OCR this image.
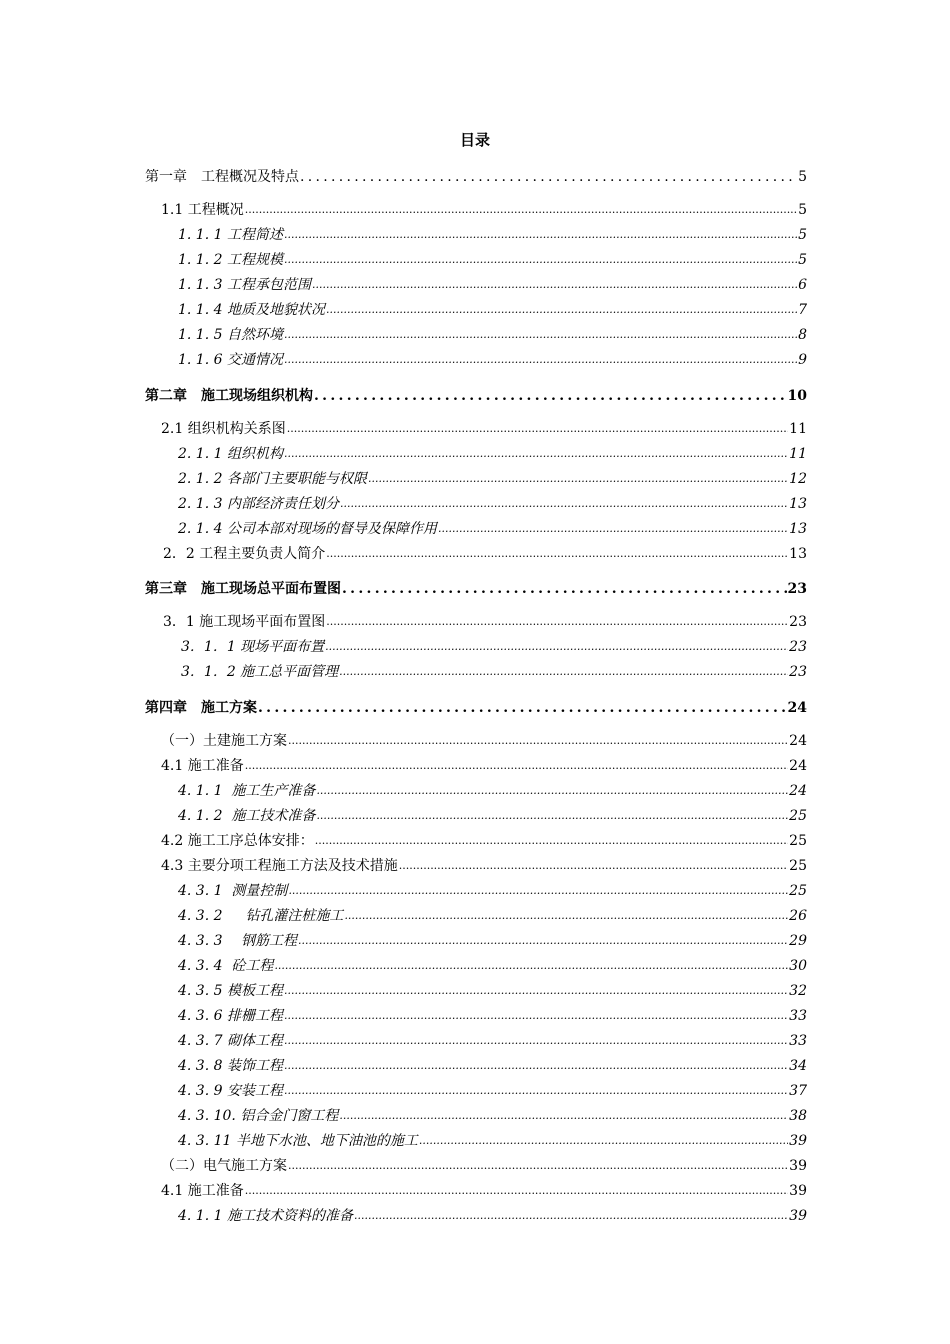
目录
第一章　工程概况及特点 .....	5
1.1 工程概况 .....	5
1. 1. 1 工程简述 .....	5
1. 1. 2 工程规模 .....	5
1. 1. 3 工程承包范围 .....	6
1. 1. 4 地质及地貌状况 .....	7
1. 1. 5 自然环境 .....	8
1. 1. 6 交通情况 .....	9
第二章　施工现场组织机构 .....	10
2.1 组织机构关系图 .....	11
2. 1. 1 组织机构 .....	11
2. 1. 2 各部门主要职能与权限 .....	12
2. 1. 3 内部经济责任划分 .....	13
2. 1. 4 公司本部对现场的督导及保障作用 .....	13
2．2 工程主要负责人简介 .....	13
第三章　施工现场总平面布置图 .....	23
3．1 施工现场平面布置图 .....	23
3．1．1 现场平面布置 .....	23
3．1．2 施工总平面管理 .....	23
第四章　施工方案 .....	24
（一）土建施工方案 .....	24
4.1 施工准备 .....	24
4. 1. 1  施工生产准备 .....	24
4. 1. 2  施工技术准备 .....	25
4.2 施工工序总体安排： .....	25
4.3 主要分项工程施工方法及技术措施 .....	25
4. 3. 1  测量控制 .....	25
4. 3. 2　  钻孔灌注桩施工 .....	26
4. 3. 3　 钢筋工程 .....	29
4. 3. 4  砼工程 .....	30
4. 3. 5 模板工程 .....	32
4. 3. 6 排栅工程 .....	33
4. 3. 7 砌体工程 .....	33
4. 3. 8 装饰工程 .....	34
4. 3. 9 安装工程 .....	37
4. 3. 10. 铝合金门窗工程 .....	38
4. 3. 11 半地下水池、地下油池的施工 .....	39
（二）电气施工方案 .....	39
4.1 施工准备 .....	39
4. 1. 1 施工技术资料的准备 .....	39
